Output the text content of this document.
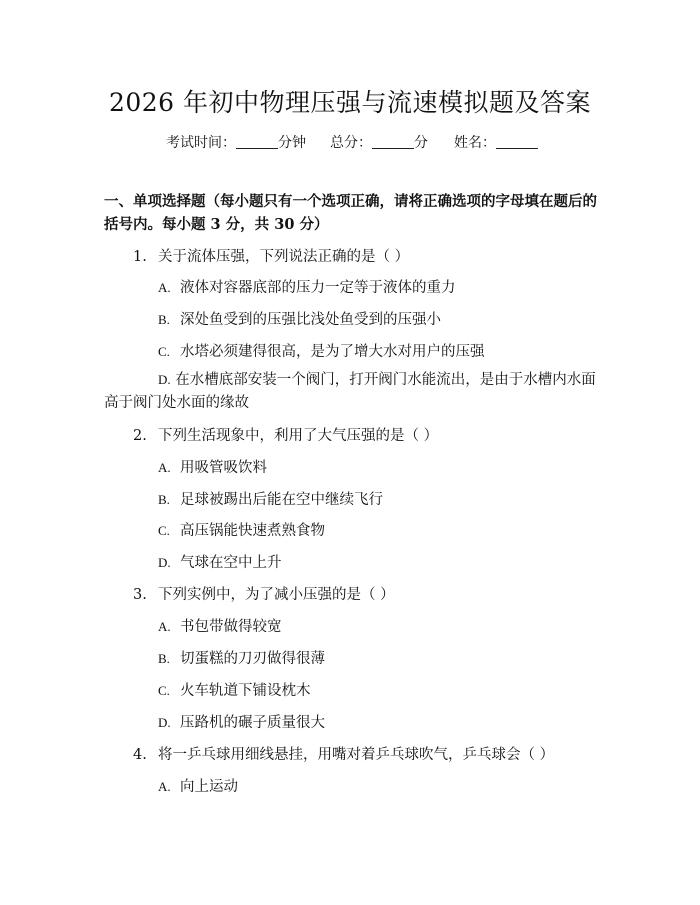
2026 年初中物理压强与流速模拟题及答案
考试时间：	分钟 总分：	分 姓名：
一、单项选择题（每小题只有一个选项正确，请将正确选项的字母填在题后的括号内。每小题 3 分，共 30 分）
1. 关于流体压强，下列说法正确的是（ ）
A. 液体对容器底部的压力一定等于液体的重力
B. 深处鱼受到的压强比浅处鱼受到的压强小
C. 水塔必须建得很高，是为了增大水对用户的压强
D. 在水槽底部安装一个阀门，打开阀门水能流出，是由于水槽内水面高于阀门处水面的缘故
2. 下列生活现象中，利用了大气压强的是（ ）
A. 用吸管吸饮料
B. 足球被踢出后能在空中继续飞行
C. 高压锅能快速煮熟食物
D. 气球在空中上升
3. 下列实例中，为了减小压强的是（ ）
A. 书包带做得较宽
B. 切蛋糕的刀刃做得很薄
C. 火车轨道下铺设枕木
D. 压路机的碾子质量很大
4. 将一乒乓球用细线悬挂，用嘴对着乒乓球吹气，乒乓球会（ ）
A. 向上运动
